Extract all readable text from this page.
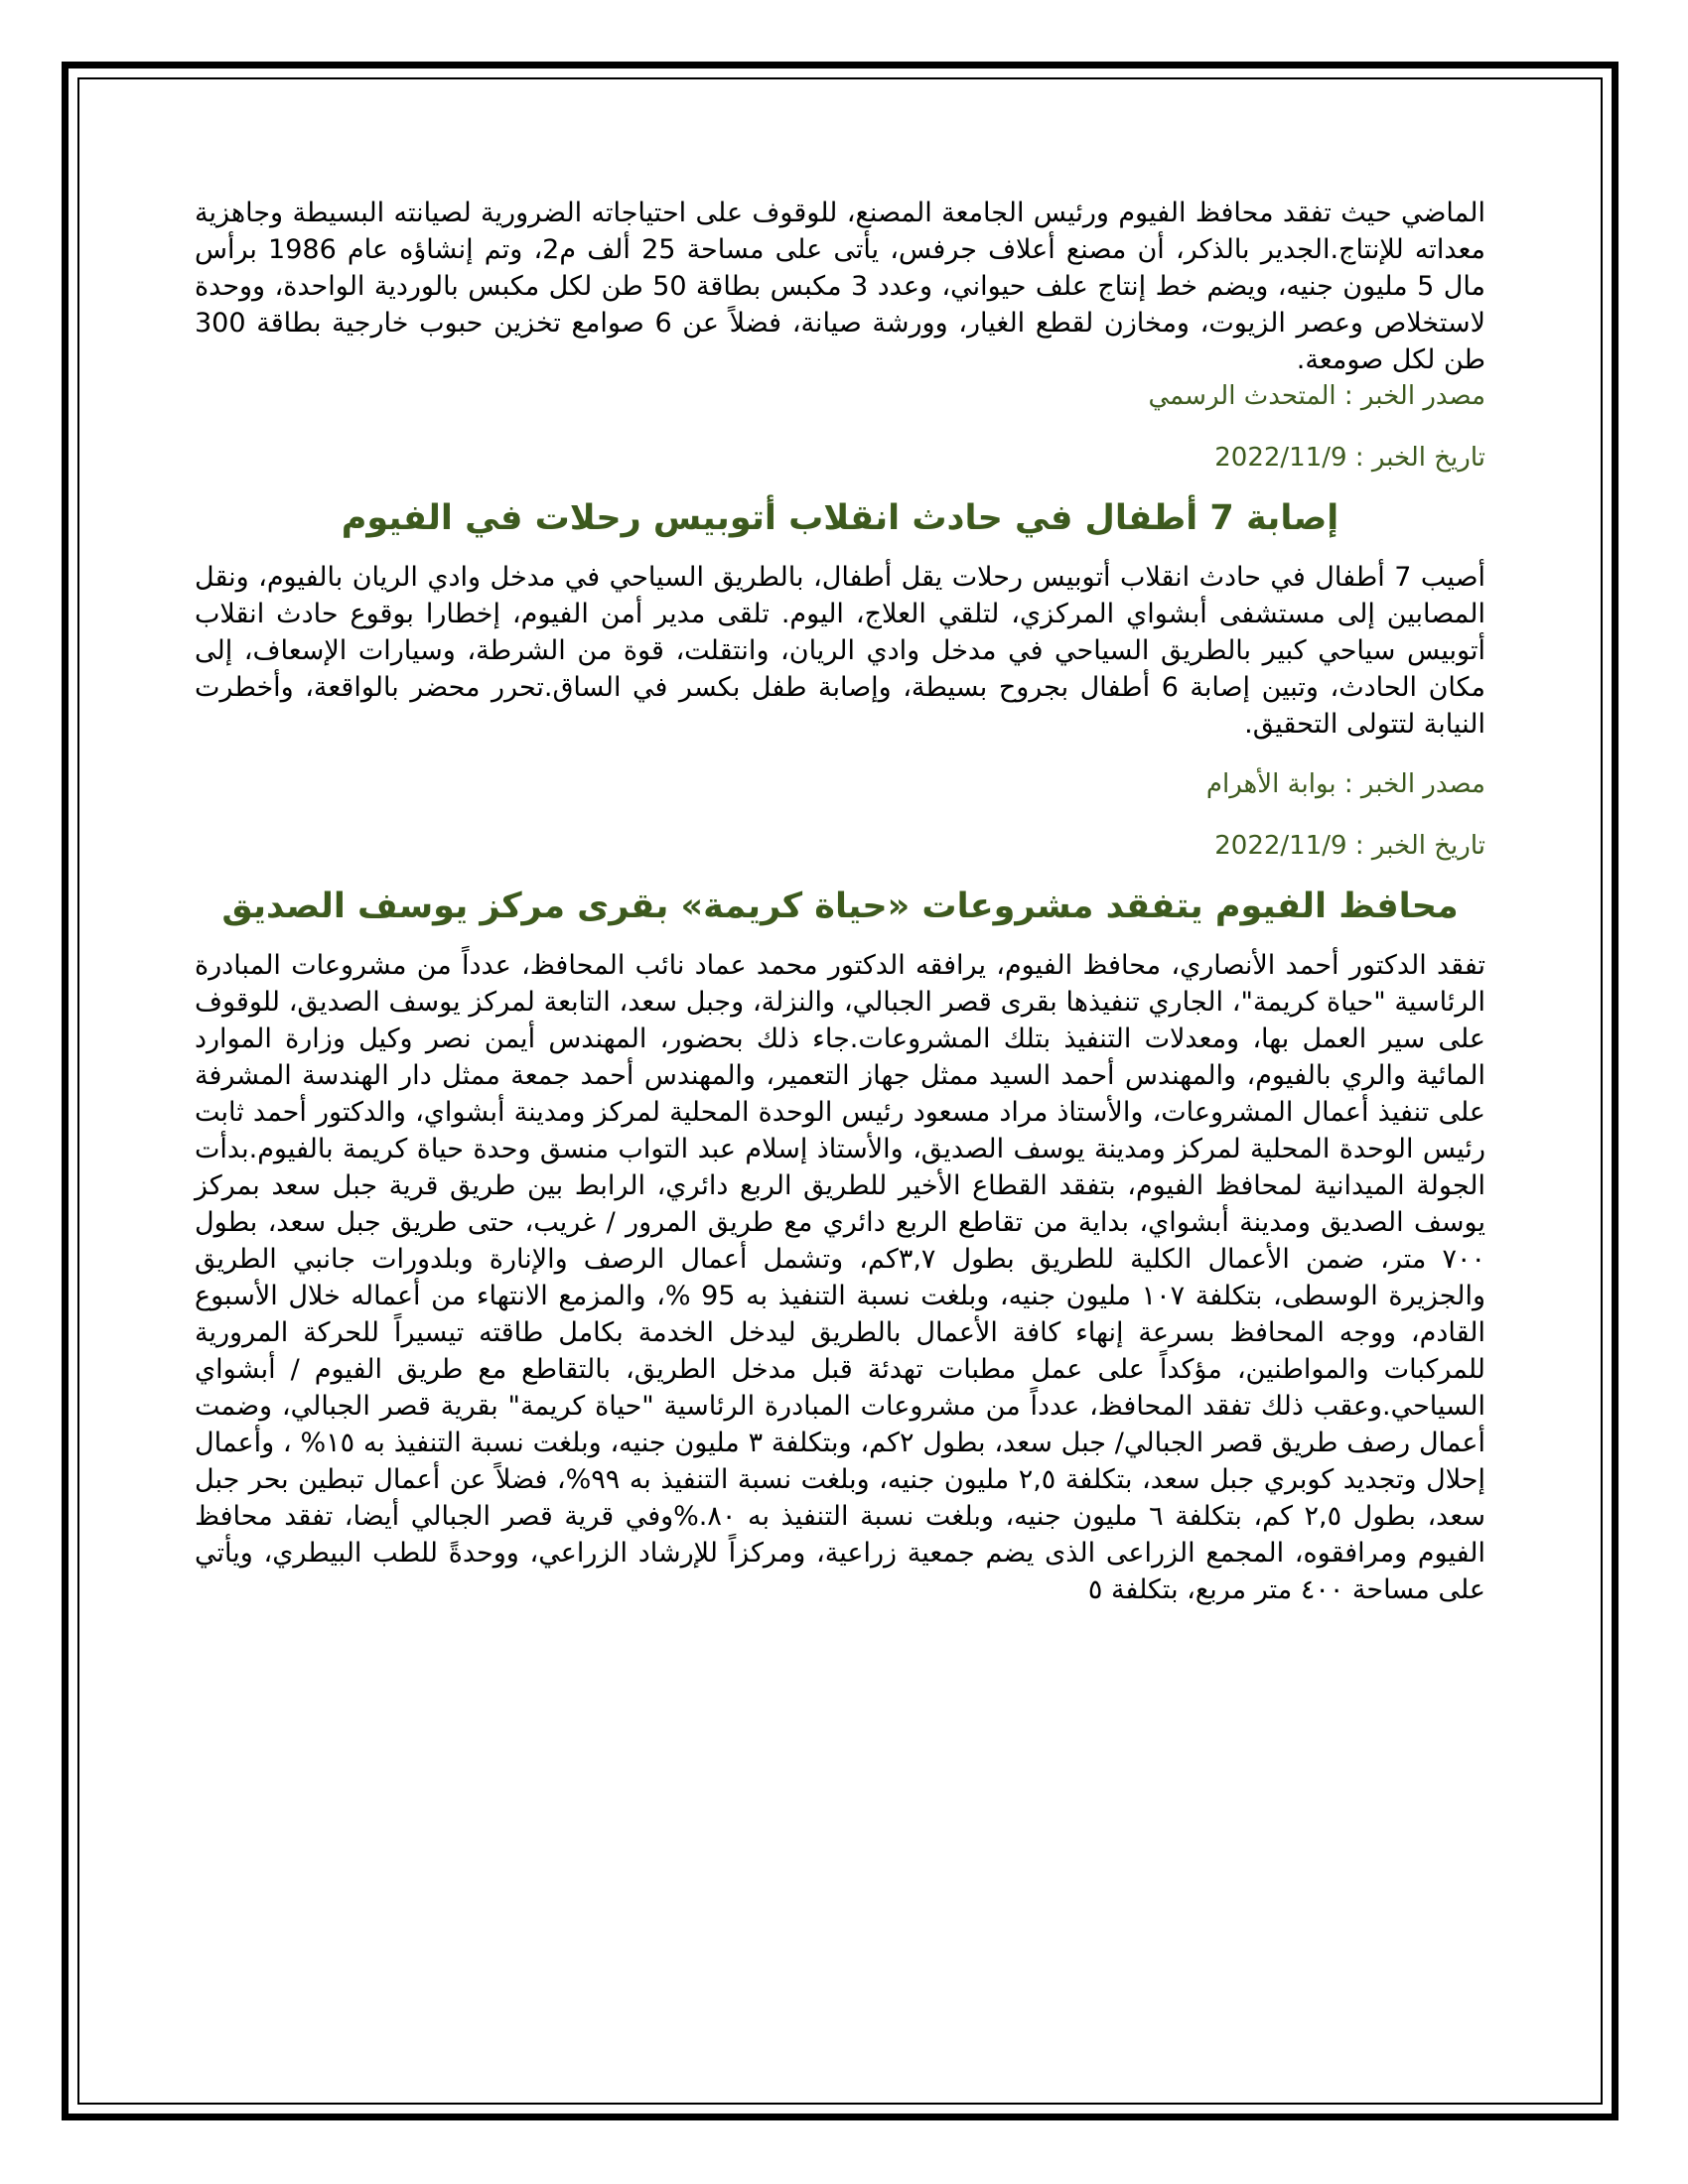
الماضي حيث تفقد محافظ الفيوم ورئيس الجامعة المصنع، للوقوف على احتياجاته الضرورية لصيانته البسيطة وجاهزية معداته للإنتاج.الجدير بالذكر، أن مصنع أعلاف جرفس، يأتى على مساحة 25 ألف م2، وتم إنشاؤه عام 1986 برأس مال 5 مليون جنيه، ويضم خط إنتاج علف حيواني، وعدد 3 مكبس بطاقة 50 طن لكل مكبس بالوردية الواحدة، ووحدة لاستخلاص وعصر الزيوت، ومخازن لقطع الغيار، وورشة صيانة، فضلاً عن 6 صوامع تخزين حبوب خارجية بطاقة 300 طن لكل صومعة.

مصدر الخبر : المتحدث الرسمي

تاريخ الخبر : 2022/11/9

إصابة 7 أطفال في حادث انقلاب أتوبيس رحلات في الفيوم

أصيب 7 أطفال في حادث انقلاب أتوبيس رحلات يقل أطفال، بالطريق السياحي في مدخل وادي الريان بالفيوم، ونقل المصابين إلى مستشفى أبشواي المركزي، لتلقي العلاج، اليوم. تلقى مدير أمن الفيوم، إخطارا بوقوع حادث انقلاب أتوبيس سياحي كبير بالطريق السياحي في مدخل وادي الريان، وانتقلت، قوة من الشرطة، وسيارات الإسعاف، إلى مكان الحادث، وتبين إصابة 6 أطفال بجروح بسيطة، وإصابة طفل بكسر في الساق.تحرر محضر بالواقعة، وأخطرت النيابة لتتولى التحقيق.

مصدر الخبر : بوابة الأهرام

تاريخ الخبر : 2022/11/9

محافظ الفيوم يتفقد مشروعات «حياة كريمة» بقرى مركز يوسف الصديق

تفقد الدكتور أحمد الأنصاري، محافظ الفيوم، يرافقه الدكتور محمد عماد نائب المحافظ، عدداً من مشروعات المبادرة الرئاسية "حياة كريمة"، الجاري تنفيذها بقرى قصر الجبالي، والنزلة، وجبل سعد، التابعة لمركز يوسف الصديق، للوقوف على سير العمل بها، ومعدلات التنفيذ بتلك المشروعات.جاء ذلك بحضور، المهندس أيمن نصر وكيل وزارة الموارد المائية والري بالفيوم، والمهندس أحمد السيد ممثل جهاز التعمير، والمهندس أحمد جمعة ممثل دار الهندسة المشرفة على تنفيذ أعمال المشروعات، والأستاذ مراد مسعود رئيس الوحدة المحلية لمركز ومدينة أبشواي، والدكتور أحمد ثابت رئيس الوحدة المحلية لمركز ومدينة يوسف الصديق، والأستاذ إسلام عبد التواب منسق وحدة حياة كريمة بالفيوم.بدأت الجولة الميدانية لمحافظ الفيوم، بتفقد القطاع الأخير للطريق الربع دائري، الرابط بين طريق قرية جبل سعد بمركز يوسف الصديق ومدينة أبشواي، بداية من تقاطع الربع دائري مع طريق المرور / غريب، حتى طريق جبل سعد، بطول ٧٠٠ متر، ضمن الأعمال الكلية للطريق بطول ٣,٧كم، وتشمل أعمال الرصف والإنارة وبلدورات جانبي الطريق والجزيرة الوسطى، بتكلفة ١٠٧ مليون جنيه، وبلغت نسبة التنفيذ به 95 %، والمزمع الانتهاء من أعماله خلال الأسبوع القادم، ووجه المحافظ بسرعة إنهاء كافة الأعمال بالطريق ليدخل الخدمة بكامل طاقته تيسيراً للحركة المرورية للمركبات والمواطنين، مؤكداً على عمل مطبات تهدئة قبل مدخل الطريق، بالتقاطع مع طريق الفيوم / أبشواي السياحي.وعقب ذلك تفقد المحافظ، عدداً من مشروعات المبادرة الرئاسية "حياة كريمة" بقرية قصر الجبالي، وضمت أعمال رصف طريق قصر الجبالي/ جبل سعد، بطول ٢كم، وبتكلفة ٣ مليون جنيه، وبلغت نسبة التنفيذ به ١٥% ، وأعمال إحلال وتجديد كوبري جبل سعد، بتكلفة ٢,٥ مليون جنيه، وبلغت نسبة التنفيذ به ٩٩%، فضلاً عن أعمال تبطين بحر جبل سعد، بطول ٢,٥ كم، بتكلفة ٦ مليون جنيه، وبلغت نسبة التنفيذ به ٨٠.%وفي قرية قصر الجبالي أيضا، تفقد محافظ الفيوم ومرافقوه، المجمع الزراعى الذى يضم جمعية زراعية، ومركزاً للإرشاد الزراعي، ووحدةً للطب البيطري، ويأتي على مساحة ٤٠٠ متر مربع، بتكلفة ٥
